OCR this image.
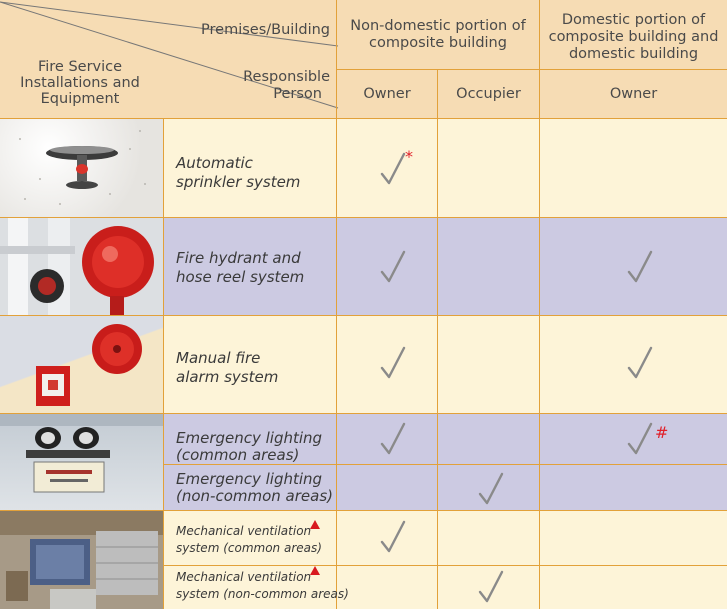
Premises/Building
Fire Service
Installations and
Equipment
Responsible
Person
Non-domestic portion of
composite building
Domestic portion of
composite building and
domestic building
Owner	Occupier	Owner
Automatic
sprinkler system
Fire hydrant and
hose reel system
Manual fire
alarm system
Emergency lighting
(common areas)
Emergency lighting
(non-common areas)
Mechanical ventilation
system (common areas)
Mechanical ventilation
system (non-common areas)
*
#
